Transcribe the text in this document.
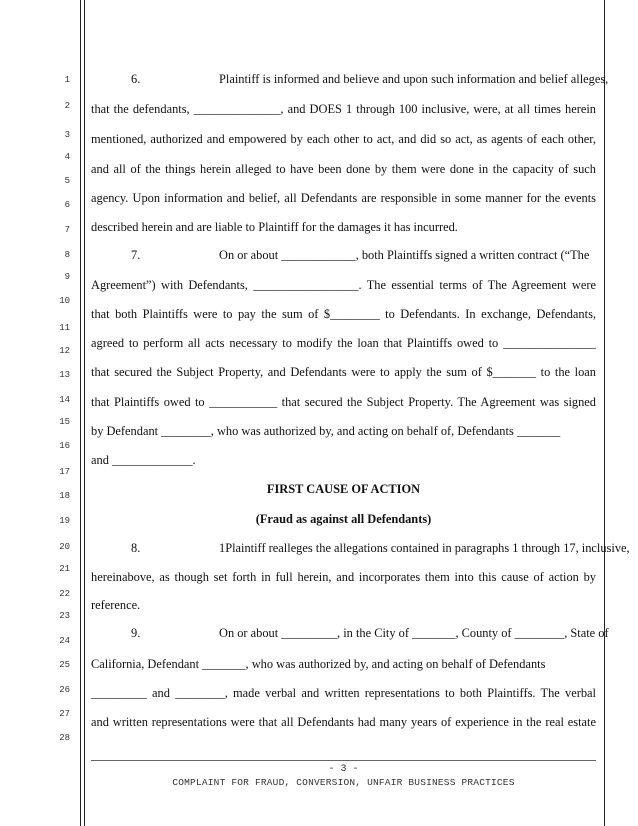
1
2
3
4
5
6
7
8
9
10
11
12
13
14
15
16
17
18
19
20
21
22
23
24
25
26
27
28
6.	Plaintiff is informed and believe and upon such information and belief alleges,
that the defendants, ______________, and DOES 1 through 100 inclusive, were, at all times herein
mentioned, authorized and empowered by each other to act, and did so act, as agents of each other,
and all of the things herein alleged to have been done by them were done in the capacity of such
agency. Upon information and belief, all Defendants are responsible in some manner for the events
described herein and are liable to Plaintiff for the damages it has incurred.
7.	On or about ____________, both Plaintiffs signed a written contract (“The
Agreement”) with Defendants, _________________. The essential terms of The Agreement were
that both Plaintiffs were to pay the sum of $________ to Defendants. In exchange, Defendants,
agreed to perform all acts necessary to modify the loan that Plaintiffs owed to _______________
that secured the Subject Property, and Defendants were to apply the sum of $_______ to the loan
that Plaintiffs owed to ___________ that secured the Subject Property. The Agreement was signed
by Defendant ________, who was authorized by, and acting on behalf of, Defendants _______
and _____________.
FIRST CAUSE OF ACTION
(Fraud as against all Defendants)
8.	1Plaintiff realleges the allegations contained in paragraphs 1 through 17, inclusive,
hereinabove, as though set forth in full herein, and incorporates them into this cause of action by
reference.
9.	On or about _________, in the City of _______, County of ________, State of
California, Defendant _______, who was authorized by, and acting on behalf of Defendants
_________ and ________, made verbal and written representations to both Plaintiffs. The verbal
and written representations were that all Defendants had many years of experience in the real estate
- 3 -
COMPLAINT FOR FRAUD, CONVERSION, UNFAIR BUSINESS PRACTICES
